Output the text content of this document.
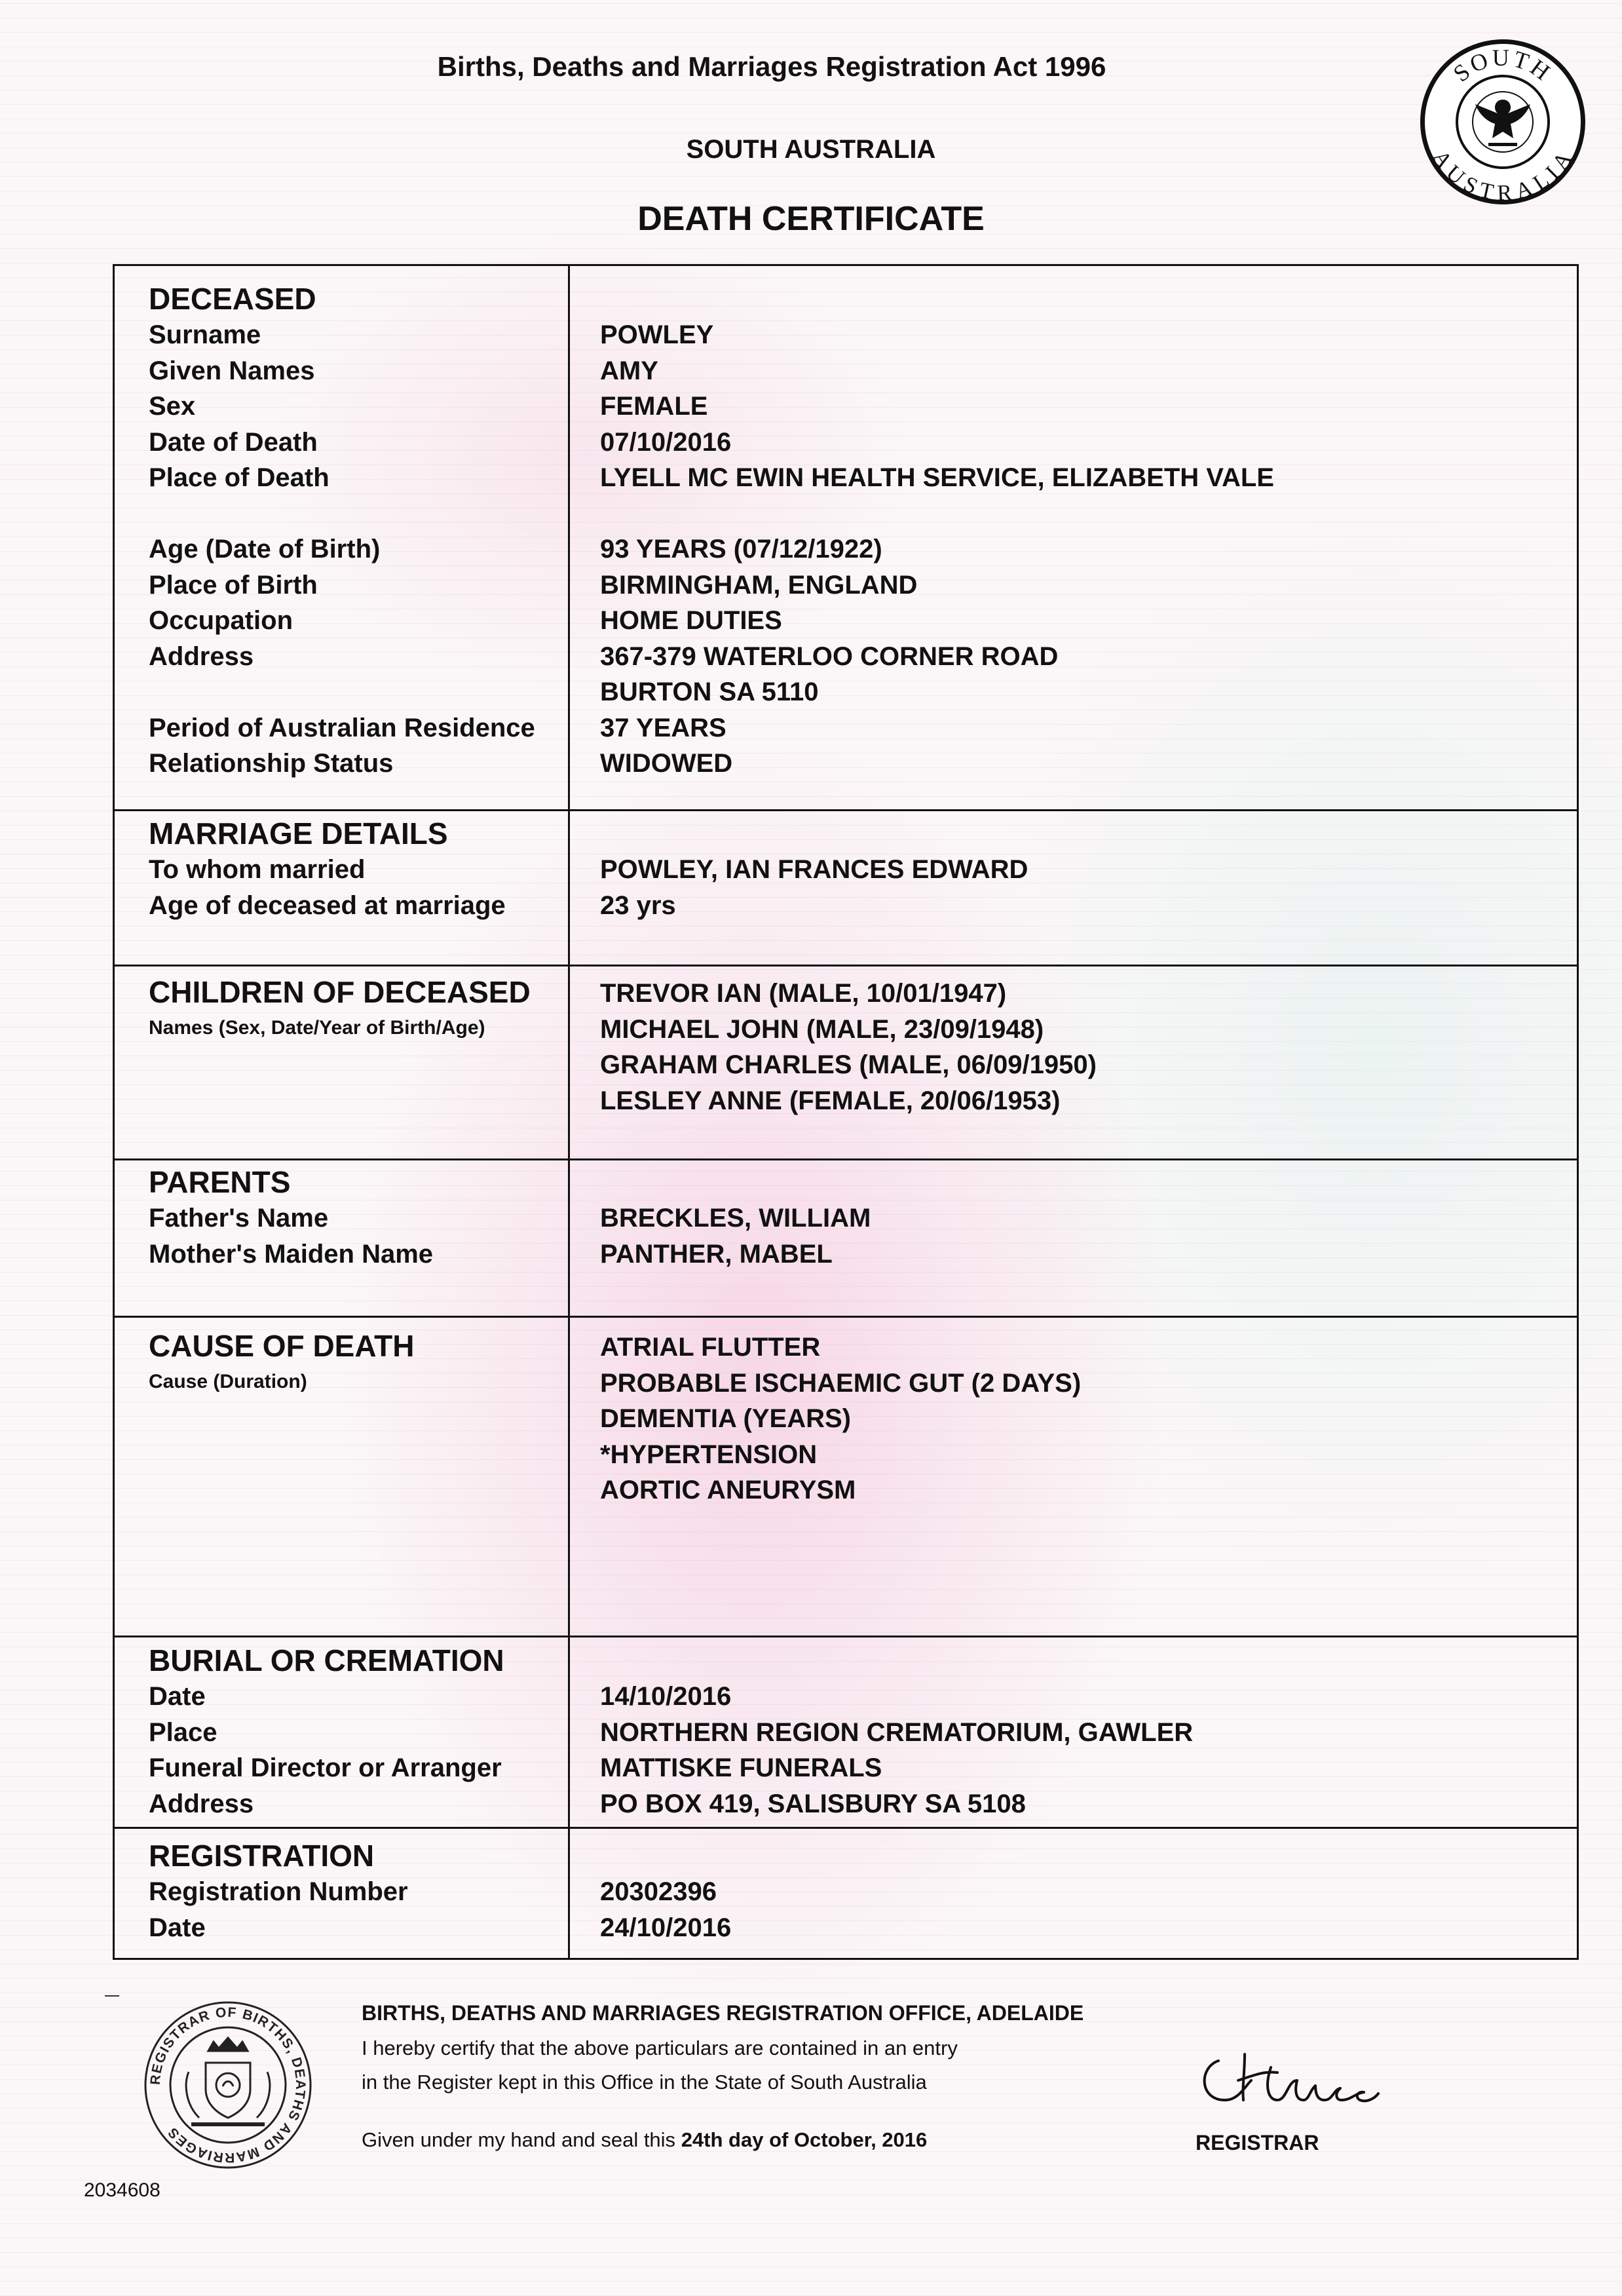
Births, Deaths and Marriages Registration Act 1996
SOUTH AUSTRALIA
DEATH CERTIFICATE
SOUTH
AUSTRALIA
DECEASED
Surname
Given Names
Sex
Date of Death
Place of Death
Age (Date of Birth)
Place of Birth
Occupation
Address
Period of Australian Residence
Relationship Status
POWLEY
AMY
FEMALE
07/10/2016
LYELL MC EWIN HEALTH SERVICE, ELIZABETH VALE
93 YEARS (07/12/1922)
BIRMINGHAM, ENGLAND
HOME DUTIES
367-379 WATERLOO CORNER ROAD
BURTON SA 5110
37 YEARS
WIDOWED
MARRIAGE DETAILS
To whom married
Age of deceased at marriage
POWLEY, IAN FRANCES EDWARD
23 yrs
CHILDREN OF DECEASED
Names (Sex, Date/Year of Birth/Age)
TREVOR IAN (MALE, 10/01/1947)
MICHAEL JOHN (MALE, 23/09/1948)
GRAHAM CHARLES (MALE, 06/09/1950)
LESLEY ANNE (FEMALE, 20/06/1953)
PARENTS
Father's Name
Mother's Maiden Name
BRECKLES, WILLIAM
PANTHER, MABEL
CAUSE OF DEATH
Cause (Duration)
ATRIAL FLUTTER
PROBABLE ISCHAEMIC GUT (2 DAYS)
DEMENTIA (YEARS)
*HYPERTENSION
AORTIC ANEURYSM
BURIAL OR CREMATION
Date
Place
Funeral Director or Arranger
Address
14/10/2016
NORTHERN REGION CREMATORIUM, GAWLER
MATTISKE FUNERALS
PO BOX 419, SALISBURY SA 5108
REGISTRATION
Registration Number
Date
20302396
24/10/2016
REGISTRAR OF BIRTHS, DEATHS AND MARRIAGES
BIRTHS, DEATHS AND MARRIAGES REGISTRATION OFFICE, ADELAIDE
I hereby certify that the above particulars are contained in an entry
in the Register kept in this Office in the State of South Australia
Given under my hand and seal this 24th day of October, 2016	REGISTRAR
2034608
